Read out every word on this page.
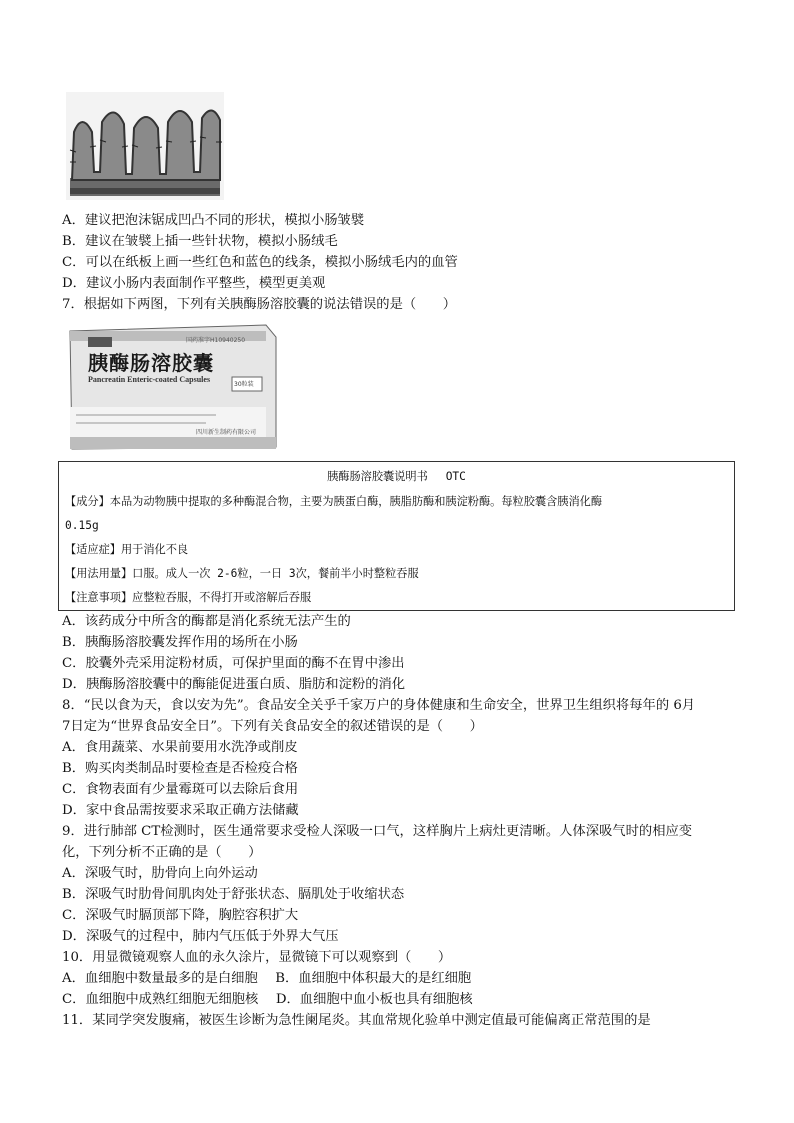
A．建议把泡沫锯成凹凸不同的形状，模拟小肠皱襞
B．建议在皱襞上插一些针状物，模拟小肠绒毛
C．可以在纸板上画一些红色和蓝色的线条，模拟小肠绒毛内的血管
D．建议小肠内表面制作平整些，模型更美观
7．根据如下两图，下列有关胰酶肠溶胶囊的说法错误的是（　　）
国药准字H10940250
胰酶肠溶胶囊
Pancreatin Enteric-coated Capsules
30粒装
四川新生制药有限公司
胰酶肠溶胶囊说明书　 OTC
【成分】本品为动物胰中提取的多种酶混合物，主要为胰蛋白酶，胰脂肪酶和胰淀粉酶。每粒胶囊含胰消化酶
0.15g
【适应症】用于消化不良
【用法用量】口服。成人一次 2-6粒，一日 3次，餐前半小时整粒吞服
【注意事项】应整粒吞服，不得打开或溶解后吞服
A．该药成分中所含的酶都是消化系统无法产生的
B．胰酶肠溶胶囊发挥作用的场所在小肠
C．胶囊外壳采用淀粉材质，可保护里面的酶不在胃中渗出
D．胰酶肠溶胶囊中的酶能促进蛋白质、脂肪和淀粉的消化
8．“民以食为天，食以安为先”。食品安全关乎千家万户的身体健康和生命安全，世界卫生组织将每年的 6月
7日定为“世界食品安全日”。下列有关食品安全的叙述错误的是（　　）
A．食用蔬菜、水果前要用水洗净或削皮
B．购买肉类制品时要检查是否检疫合格
C．食物表面有少量霉斑可以去除后食用
D．家中食品需按要求采取正确方法储藏
9．进行肺部 CT检测时，医生通常要求受检人深吸一口气，这样胸片上病灶更清晰。人体深吸气时的相应变
化，下列分析不正确的是（　　）
A．深吸气时，肋骨向上向外运动
B．深吸气时肋骨间肌肉处于舒张状态、膈肌处于收缩状态
C．深吸气时膈顶部下降，胸腔容积扩大
D．深吸气的过程中，肺内气压低于外界大气压
10．用显微镜观察人血的永久涂片，显微镜下可以观察到（　　）
A．血细胞中数量最多的是白细胞　 B．血细胞中体积最大的是红细胞
C．血细胞中成熟红细胞无细胞核　 D．血细胞中血小板也具有细胞核
11．某同学突发腹痛，被医生诊断为急性阑尾炎。其血常规化验单中测定值最可能偏离正常范围的是
